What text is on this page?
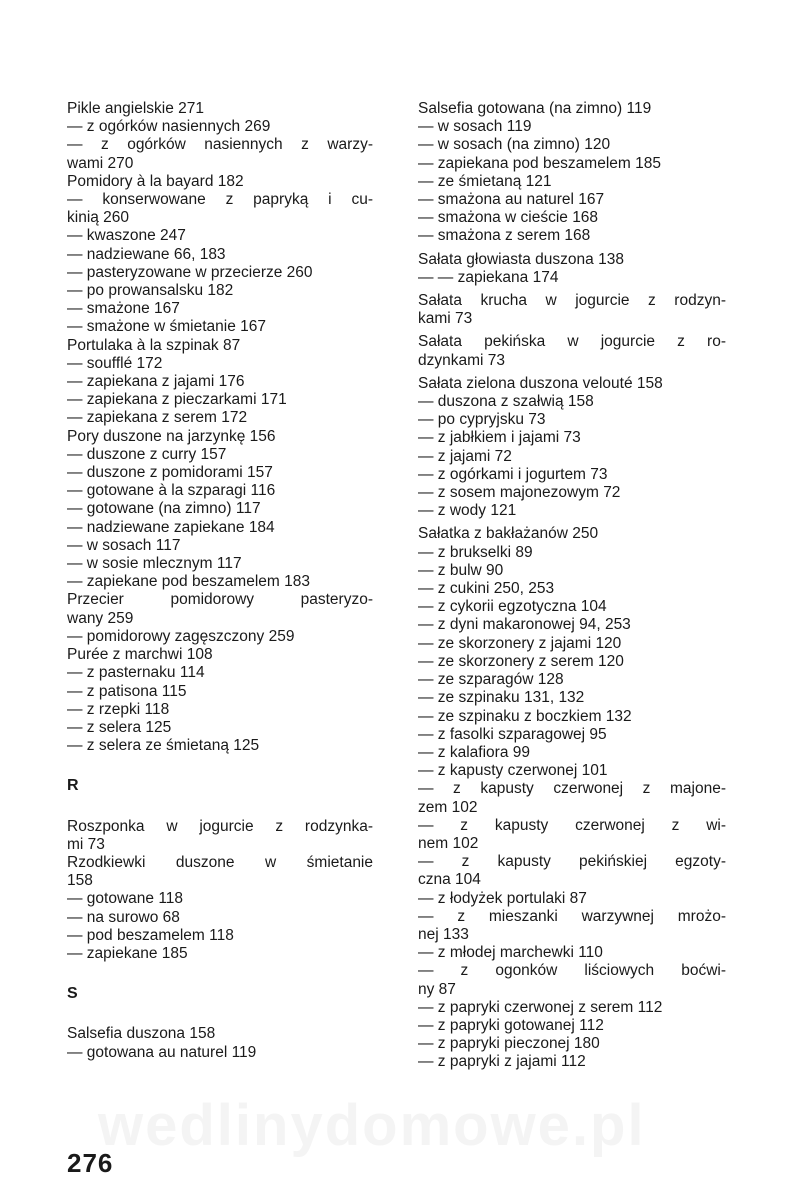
Pikle angielskie 271
— z ogórków nasiennych 269
— z ogórków nasiennych z warzy-
wami 270
Pomidory à la bayard 182
— konserwowane z papryką i cu-
kinią 260
— kwaszone 247
— nadziewane 66, 183
— pasteryzowane w przecierze 260
— po prowansalsku 182
— smażone 167
— smażone w śmietanie 167
Portulaka à la szpinak 87
— soufflé 172
— zapiekana z jajami 176
— zapiekana z pieczarkami 171
— zapiekana z serem 172
Pory duszone na jarzynkę 156
— duszone z curry 157
— duszone z pomidorami 157
— gotowane à la szparagi 116
— gotowane (na zimno) 117
— nadziewane zapiekane 184
— w sosach 117
— w sosie mlecznym 117
— zapiekane pod beszamelem 183
Przecier pomidorowy pasteryzo-
wany 259
— pomidorowy zagęszczony 259
Purée z marchwi 108
— z pasternaku 114
— z patisona 115
— z rzepki 118
— z selera 125
— z selera ze śmietaną 125
R
Roszponka w jogurcie z rodzynka-
mi 73
Rzodkiewki duszone w śmietanie
158
— gotowane 118
— na surowo 68
— pod beszamelem 118
— zapiekane 185
S
Salsefia duszona 158
— gotowana au naturel 119
Salsefia gotowana (na zimno) 119
— w sosach 119
— w sosach (na zimno) 120
— zapiekana pod beszamelem 185
— ze śmietaną 121
— smażona au naturel 167
— smażona w cieście 168
— smażona z serem 168
Sałata głowiasta duszona 138
— — zapiekana 174
Sałata krucha w jogurcie z rodzyn-
kami 73
Sałata pekińska w jogurcie z ro-
dzynkami 73
Sałata zielona duszona velouté 158
— duszona z szałwią 158
— po cypryjsku 73
— z jabłkiem i jajami 73
— z jajami 72
— z ogórkami i jogurtem 73
— z sosem majonezowym 72
— z wody 121
Sałatka z bakłażanów 250
— z brukselki 89
— z bulw 90
— z cukini 250, 253
— z cykorii egzotyczna 104
— z dyni makaronowej 94, 253
— ze skorzonery z jajami 120
— ze skorzonery z serem 120
— ze szparagów 128
— ze szpinaku 131, 132
— ze szpinaku z boczkiem 132
— z fasolki szparagowej 95
— z kalafiora 99
— z kapusty czerwonej 101
— z kapusty czerwonej z majone-
zem 102
— z kapusty czerwonej z wi-
nem 102
— z kapusty pekińskiej egzoty-
czna 104
— z łodyżek portulaki 87
— z mieszanki warzywnej mrożo-
nej 133
— z młodej marchewki 110
— z ogonków liściowych boćwi-
ny 87
— z papryki czerwonej z serem 112
— z papryki gotowanej 112
— z papryki pieczonej 180
— z papryki z jajami 112
wedlinydomowe.pl
276
